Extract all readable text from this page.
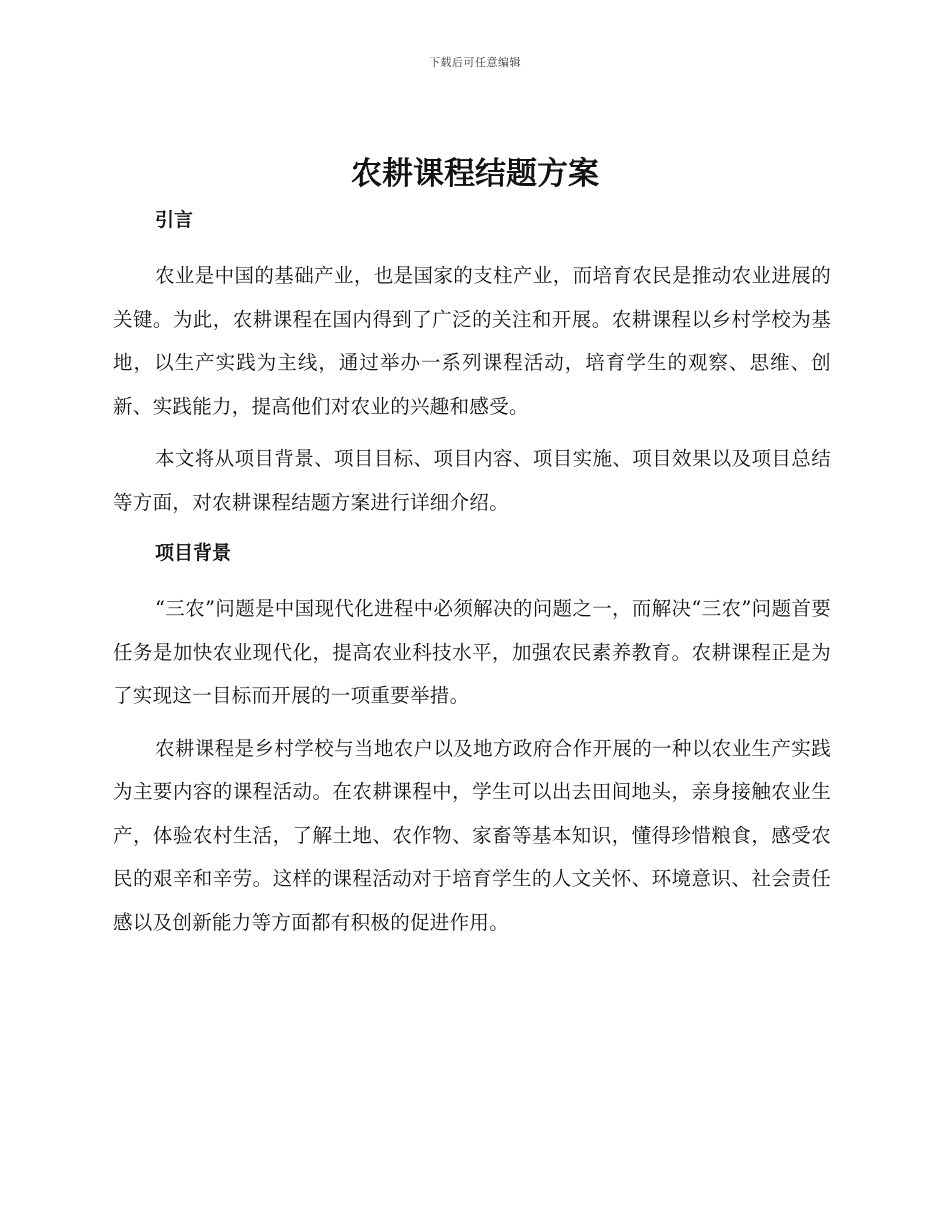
下载后可任意编辑
农耕课程结题方案
引言

农业是中国的基础产业，也是国家的支柱产业，而培育农民是推动农业进展的关键。为此，农耕课程在国内得到了广泛的关注和开展。农耕课程以乡村学校为基地，以生产实践为主线，通过举办一系列课程活动，培育学生的观察、思维、创新、实践能力，提高他们对农业的兴趣和感受。

本文将从项目背景、项目目标、项目内容、项目实施、项目效果以及项目总结等方面，对农耕课程结题方案进行详细介绍。

项目背景

“三农”问题是中国现代化进程中必须解决的问题之一，而解决“三农”问题首要任务是加快农业现代化，提高农业科技水平，加强农民素养教育。农耕课程正是为了实现这一目标而开展的一项重要举措。

农耕课程是乡村学校与当地农户以及地方政府合作开展的一种以农业生产实践为主要内容的课程活动。在农耕课程中，学生可以出去田间地头，亲身接触农业生产，体验农村生活，了解土地、农作物、家畜等基本知识，懂得珍惜粮食，感受农民的艰辛和辛劳。这样的课程活动对于培育学生的人文关怀、环境意识、社会责任感以及创新能力等方面都有积极的促进作用。
